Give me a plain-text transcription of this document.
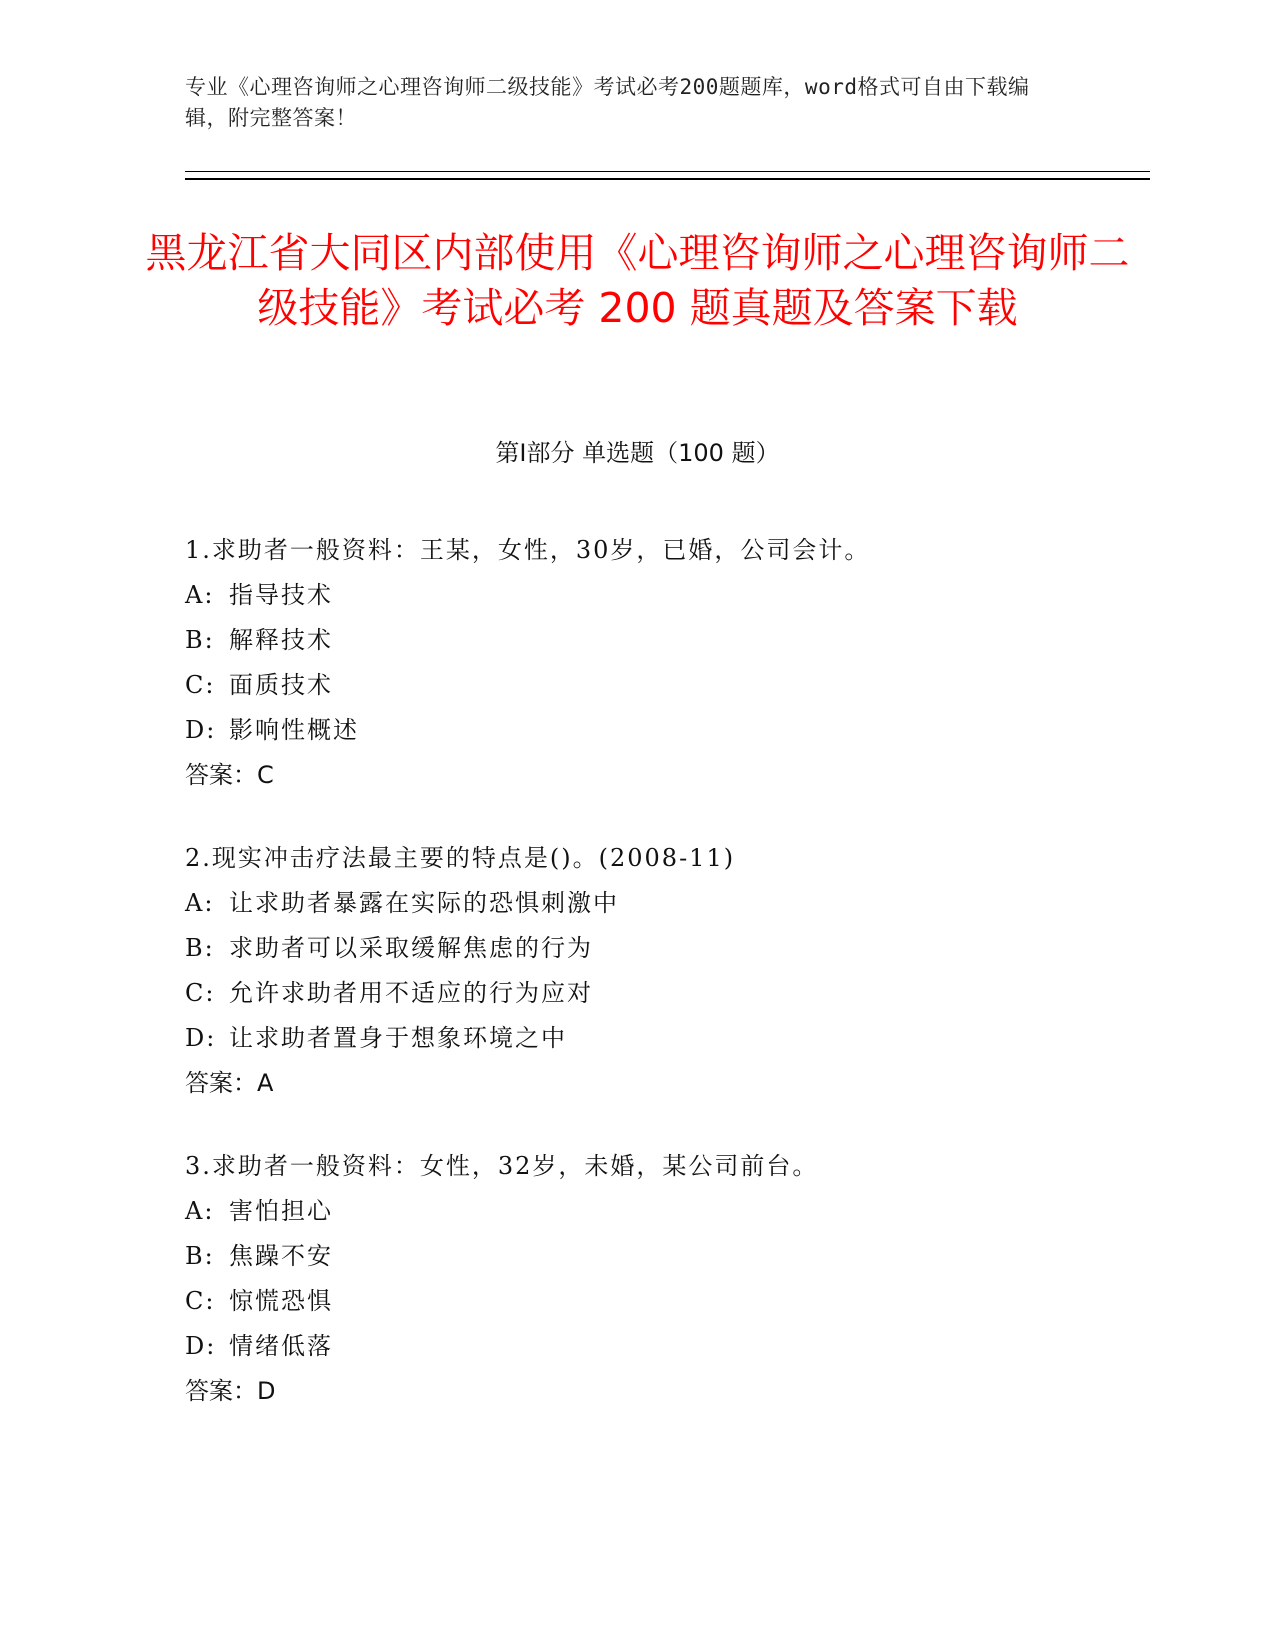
专业《心理咨询师之心理咨询师二级技能》考试必考200题题库，word格式可自由下载编辑，附完整答案！
黑龙江省大同区内部使用《心理咨询师之心理咨询师二级技能》考试必考 200 题真题及答案下载
第Ⅰ部分 单选题（100 题）
1.求助者一般资料：王某，女性，30岁，已婚，公司会计。
A: 指导技术
B: 解释技术
C: 面质技术
D: 影响性概述
答案：C
2.现实冲击疗法最主要的特点是()。(2008-11)
A: 让求助者暴露在实际的恐惧刺激中
B: 求助者可以采取缓解焦虑的行为
C: 允许求助者用不适应的行为应对
D: 让求助者置身于想象环境之中
答案：A
3.求助者一般资料：女性，32岁，未婚，某公司前台。
A: 害怕担心
B: 焦躁不安
C: 惊慌恐惧
D: 情绪低落
答案：D
